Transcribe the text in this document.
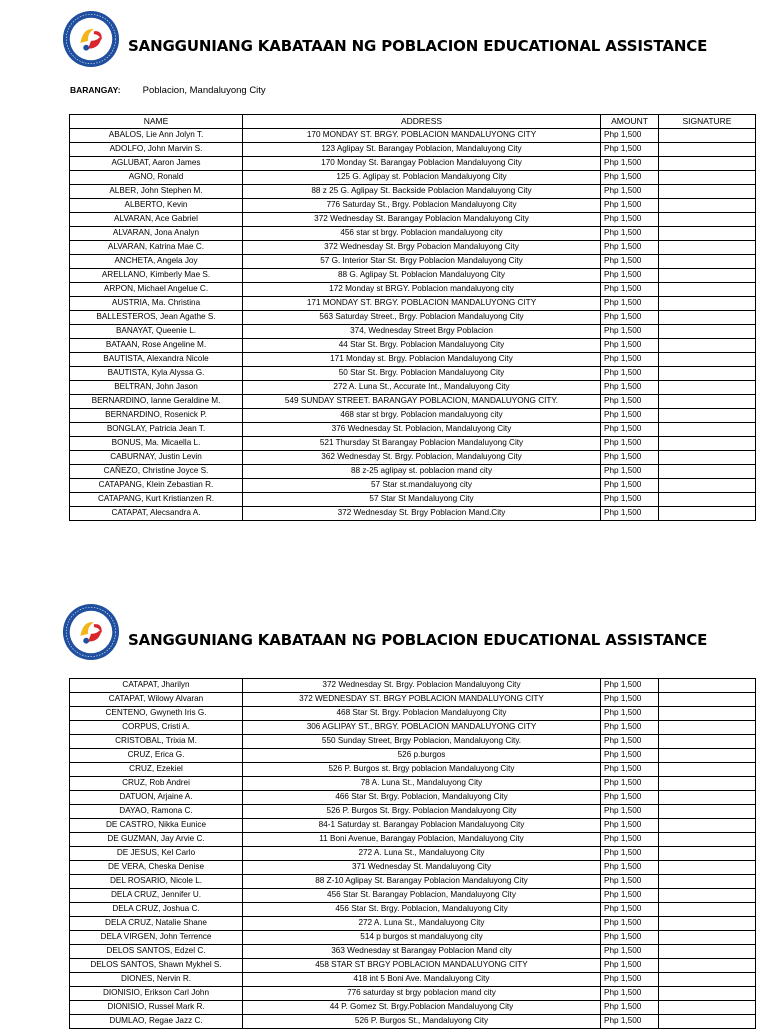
SANGGUNIANG KABATAAN NG POBLACION EDUCATIONAL ASSISTANCE
BARANGAY: Poblacion, Mandaluyong City
NAME	ADDRESS	AMOUNT	SIGNATURE
ABALOS, Lie Ann Jolyn T.	170 MONDAY ST. BRGY. POBLACION MANDALUYONG CITY	Php 1,500	
ADOLFO, John Marvin S.	123 Aglipay St. Barangay Poblacion, Mandaluyong City	Php 1,500	
AGLUBAT, Aaron James	170 Monday St. Barangay Poblacion Mandaluyong City	Php 1,500	
AGNO, Ronald	125 G. Aglipay st. Poblacion Mandaluyong City	Php 1,500	
ALBER, John Stephen M.	88 z 25 G. Aglipay St. Backside Poblacion Mandaluyong City	Php 1,500	
ALBERTO, Kevin	776 Saturday St., Brgy. Poblacion Mandaluyong City	Php 1,500	
ALVARAN, Ace Gabriel	372 Wednesday St. Barangay Poblacion Mandaluyong City	Php 1,500	
ALVARAN, Jona Analyn	456 star st brgy. Poblacion mandaluyong city	Php 1,500	
ALVARAN, Katrina Mae C.	372 Wednesday St. Brgy Pobacion Mandaluyong City	Php 1,500	
ANCHETA, Angela Joy	57 G. Interior Star St. Brgy Poblacion Mandaluyong City	Php 1,500	
ARELLANO, Kimberly Mae S.	88 G. Aglipay St. Poblacion Mandaluyong City	Php 1,500	
ARPON, Michael Angelue C.	172 Monday st BRGY. Poblacion mandaluyong city	Php 1,500	
AUSTRIA, Ma. Christina	171 MONDAY ST. BRGY. POBLACION MANDALUYONG CITY	Php 1,500	
BALLESTEROS, Jean Agathe S.	563 Saturday Street., Brgy. Poblacion Mandaluyong City	Php 1,500	
BANAYAT, Queenie L.	374, Wednesday Street Brgy Poblacion	Php 1,500	
BATAAN, Rose Angeline M.	44 Star St. Brgy. Poblacion Mandaluyong City	Php 1,500	
BAUTISTA, Alexandra Nicole	171 Monday st. Brgy. Poblacion Mandaluyong City	Php 1,500	
BAUTISTA, Kyla Alyssa G.	50 Star St. Brgy. Poblacion Mandaluyong City	Php 1,500	
BELTRAN, John Jason	272 A. Luna St., Accurate Int., Mandaluyong City	Php 1,500	
BERNARDINO, Ianne Geraldine M.	549 SUNDAY STREET. BARANGAY POBLACION, MANDALUYONG CITY.	Php 1,500	
BERNARDINO, Rosenick P.	468 star st brgy. Poblacion mandaluyong city	Php 1,500	
BONGLAY, Patricia Jean T.	376 Wednesday St. Poblacion, Mandaluyong City	Php 1,500	
BONUS, Ma. Micaella L.	521 Thursday St Barangay Poblacion Mandaluyong City	Php 1,500	
CABURNAY, Justin Levin	362 Wednesday St. Brgy. Poblacion, Mandaluyong City	Php 1,500	
CAÑEZO, Christine Joyce S.	88 z-25 aglipay st. poblacion mand city	Php 1,500	
CATAPANG, Klein Zebastian R.	57 Star st.mandaluyong city	Php 1,500	
CATAPANG, Kurt Kristianzen R.	57 Star St Mandaluyong City	Php 1,500	
CATAPAT, Alecsandra A.	372 Wednesday St. Brgy Poblacion Mand.City	Php 1,500	
SANGGUNIANG KABATAAN NG POBLACION EDUCATIONAL ASSISTANCE
CATAPAT, Jharilyn	372 Wednesday St. Brgy. Poblacion Mandaluyong City	Php 1,500	
CATAPAT, Wilowy Alvaran	372 WEDNESDAY ST. BRGY POBLACION MANDALUYONG CITY	Php 1,500	
CENTENO, Gwyneth Iris G.	468 Star St. Brgy. Poblacion Mandaluyong City	Php 1,500	
CORPUS, Cristi A.	306 AGLIPAY ST., BRGY. POBLACION MANDALUYONG CITY	Php 1,500	
CRISTOBAL, Trixia M.	550 Sunday Street, Brgy Poblacion, Mandaluyong City.	Php 1,500	
CRUZ, Erica G.	526 p.burgos	Php 1,500	
CRUZ, Ezekiel	526 P. Burgos st. Brgy poblacion Mandaluyong City	Php 1,500	
CRUZ, Rob Andrei	78 A. Luna St., Mandaluyong City	Php 1,500	
DATUON, Arjaine A.	466 Star St. Brgy. Poblacion, Mandaluyong City	Php 1,500	
DAYAO, Ramona C.	526 P. Burgos St. Brgy. Poblacion Mandaluyong City	Php 1,500	
DE CASTRO, Nikka Eunice	84-1 Saturday st. Barangay Poblacion Mandaluyong City	Php 1,500	
DE GUZMAN, Jay Arvie C.	11 Boni Avenue, Barangay Poblacion, Mandaluyong City	Php 1,500	
DE JESUS, Kel Carlo	272 A. Luna St., Mandaluyong City	Php 1,500	
DE VERA, Cheska Denise	371 Wednesday St. Mandaluyong City	Php 1,500	
DEL ROSARIO, Nicole L.	88 Z-10 Aglipay St. Barangay Poblacion Mandaluyong City	Php 1,500	
DELA CRUZ, Jennifer U.	456 Star St. Barangay Poblacion, Mandaluyong City	Php 1,500	
DELA CRUZ, Joshua C.	456 Star St. Brgy. Poblacion, Mandaluyong City	Php 1,500	
DELA CRUZ, Natalie Shane	272 A. Luna St., Mandaluyong City	Php 1,500	
DELA VIRGEN, John Terrence	514 p burgos st mandaluyong city	Php 1,500	
DELOS SANTOS, Edzel C.	363 Wednesday st Barangay Poblacion Mand city	Php 1,500	
DELOS SANTOS, Shawn Mykhel S.	458 STAR ST BRGY POBLACION MANDALUYONG CITY	Php 1,500	
DIONES, Nervin R.	418 int 5 Boni Ave. Mandaluyong City	Php 1,500	
DIONISIO, Erikson Carl John	776 saturday st brgy poblacion mand city	Php 1,500	
DIONISIO, Russel Mark R.	44 P. Gomez St. Brgy.Poblacion Mandaluyong City	Php 1,500	
DUMLAO, Regae Jazz C.	526 P. Burgos St., Mandaluyong City	Php 1,500	
